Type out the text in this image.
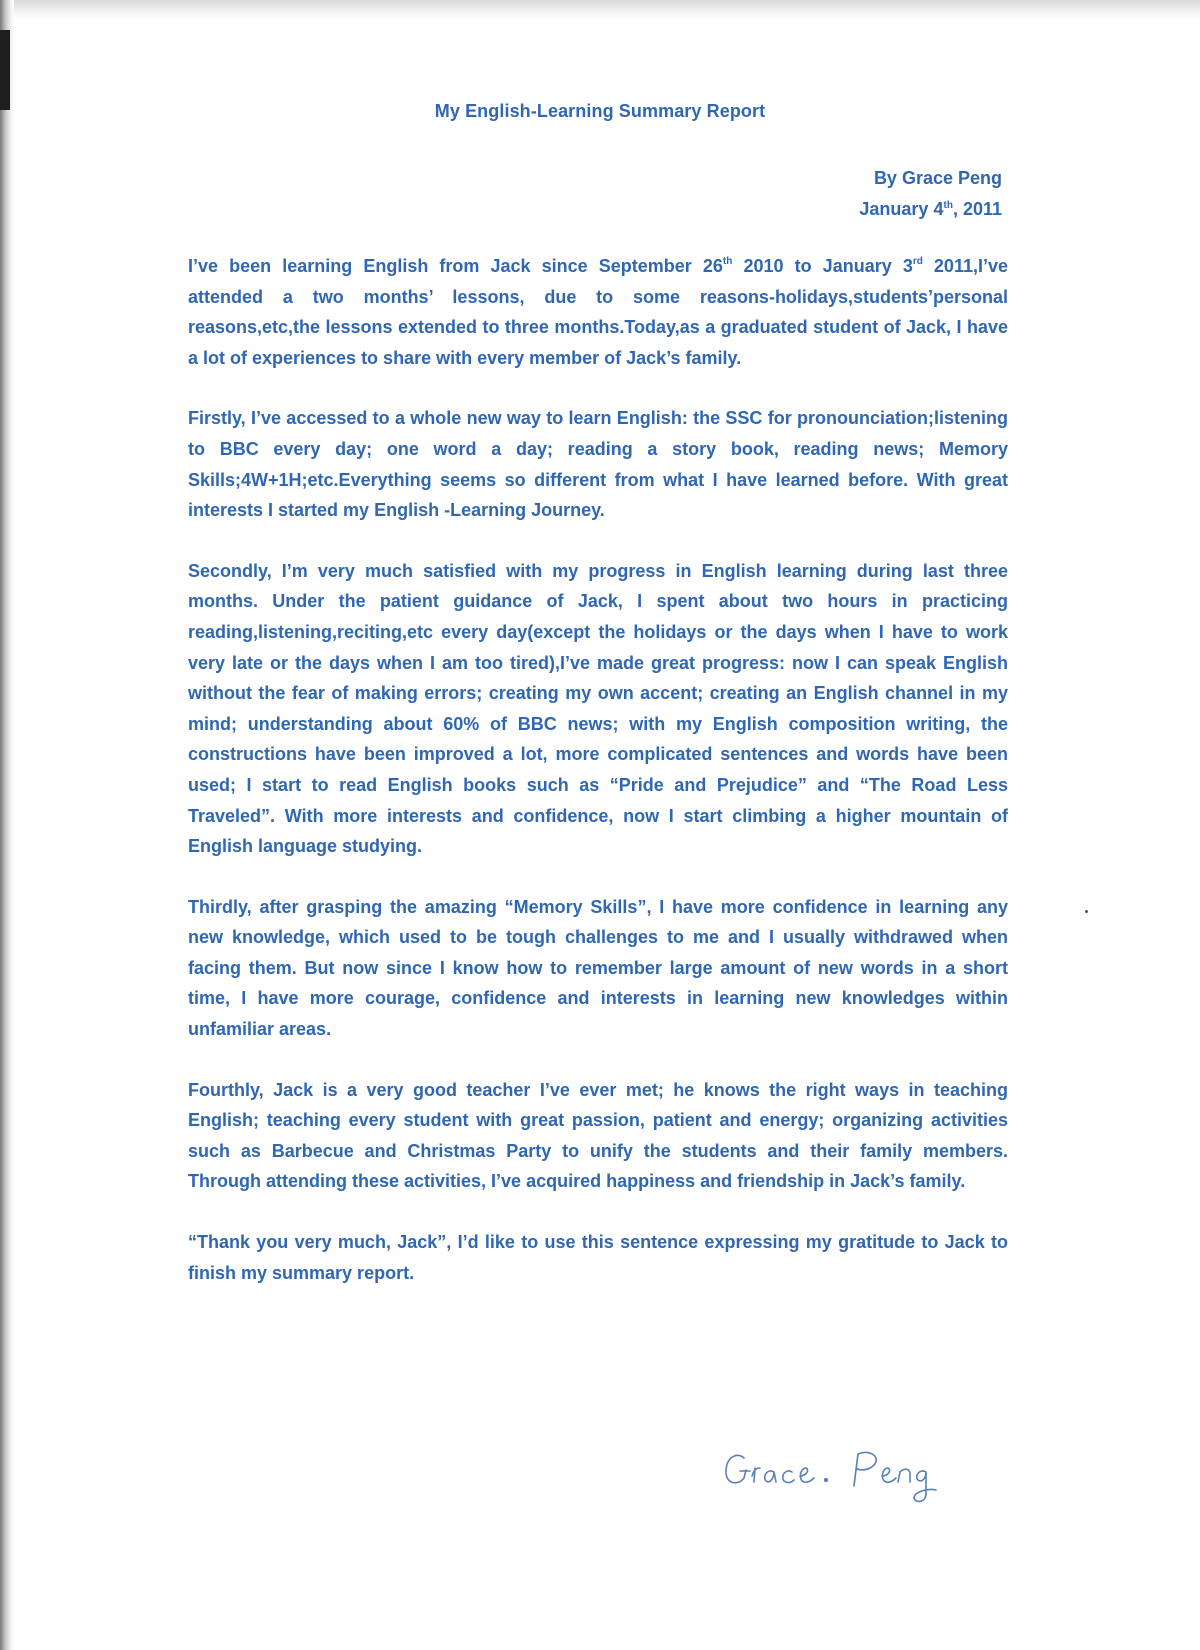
My English-Learning Summary Report
By Grace Peng
January 4th, 2011

I’ve been learning English from Jack since September 26th 2010 to January 3rd 2011,I’ve attended a two months’ lessons, due to some reasons-holidays,students’personal reasons,etc,the lessons extended to three months.Today,as a graduated student of Jack, I have a lot of experiences to share with every member of Jack’s family.

Firstly, I’ve accessed to a whole new way to learn English: the SSC for pronounciation;listening to BBC every day; one word a day; reading a story book, reading news; Memory Skills;4W+1H;etc.Everything seems so different from what I have learned before. With great interests I started my English -Learning Journey.

Secondly, I’m very much satisfied with my progress in English learning during last three months. Under the patient guidance of Jack, I spent about two hours in practicing reading,listening,reciting,etc every day(except the holidays or the days when I have to work very late or the days when I am too tired),I’ve made great progress: now I can speak English without the fear of making errors; creating my own accent; creating an English channel in my mind; understanding about 60% of BBC news; with my English composition writing, the constructions have been improved a lot, more complicated sentences and words have been used; I start to read English books such as “Pride and Prejudice” and “The Road Less Traveled”. With more interests and confidence, now I start climbing a higher mountain of English language studying.

Thirdly, after grasping the amazing “Memory Skills”, I have more confidence in learning any new knowledge, which used to be tough challenges to me and I usually withdrawed when facing them. But now since I know how to remember large amount of new words in a short time, I have more courage, confidence and interests in learning new knowledges within unfamiliar areas.

Fourthly, Jack is a very good teacher I’ve ever met; he knows the right ways in teaching English; teaching every student with great passion, patient and energy; organizing activities such as Barbecue and Christmas Party to unify the students and their family members. Through attending these activities, I’ve acquired happiness and friendship in Jack’s family.

“Thank you very much, Jack”, I’d like to use this sentence expressing my gratitude to Jack to finish my summary report.
